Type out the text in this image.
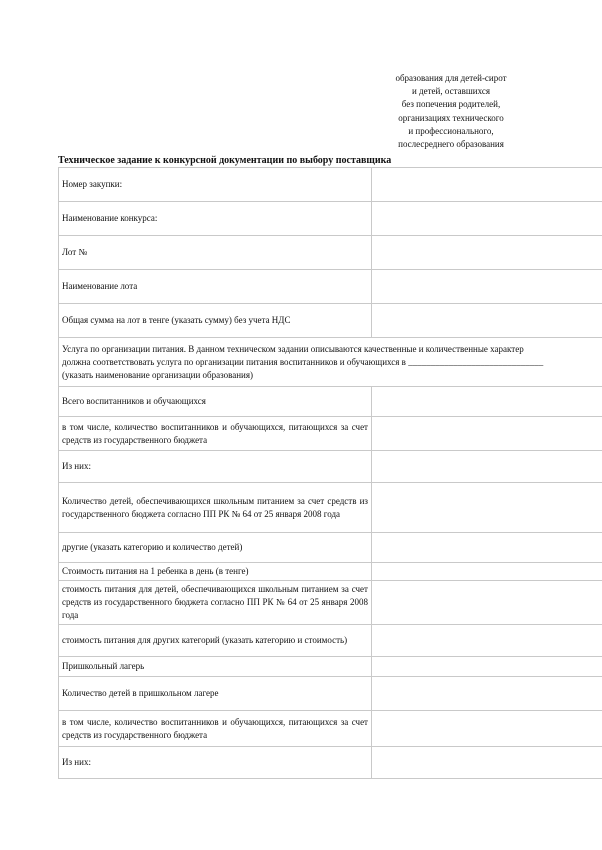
образования для детей-сирот
и детей, оставшихся
без попечения родителей,
организациях технического
и профессионального,
послесреднего образования
Техническое задание к конкурсной документации по выбору поставщика
Номер закупки:	
Наименование конкурса:	
Лот №	
Наименование лота	
Общая сумма на лот в тенге (указать сумму) без учета НДС	

Услуга по организации питания. В данном техническом задании описываются качественные и количественные характер
должна соответствовать услуга по организации питания воспитанников и обучающихся в ______________________________
(указать наименование организации образования)	

Всего воспитанников и обучающихся	
в том числе, количество воспитанников и обучающихся, питающихся за счет средств из государственного бюджета	
Из них:	
Количество детей, обеспечивающихся школьным питанием за счет средств из государственного бюджета согласно ПП РК № 64 от 25 января 2008 года	
другие (указать категорию и количество детей)	
Стоимость питания на 1 ребенка в день (в тенге)	
стоимость питания для детей, обеспечивающихся школьным питанием за счет средств из государственного бюджета согласно ПП РК № 64 от 25 января 2008 года	
стоимость питания для других категорий (указать категорию и стоимость)	
Пришкольный лагерь	
Количество детей в пришкольном лагере	
в том числе, количество воспитанников и обучающихся, питающихся за счет средств из государственного бюджета	
Из них:	
